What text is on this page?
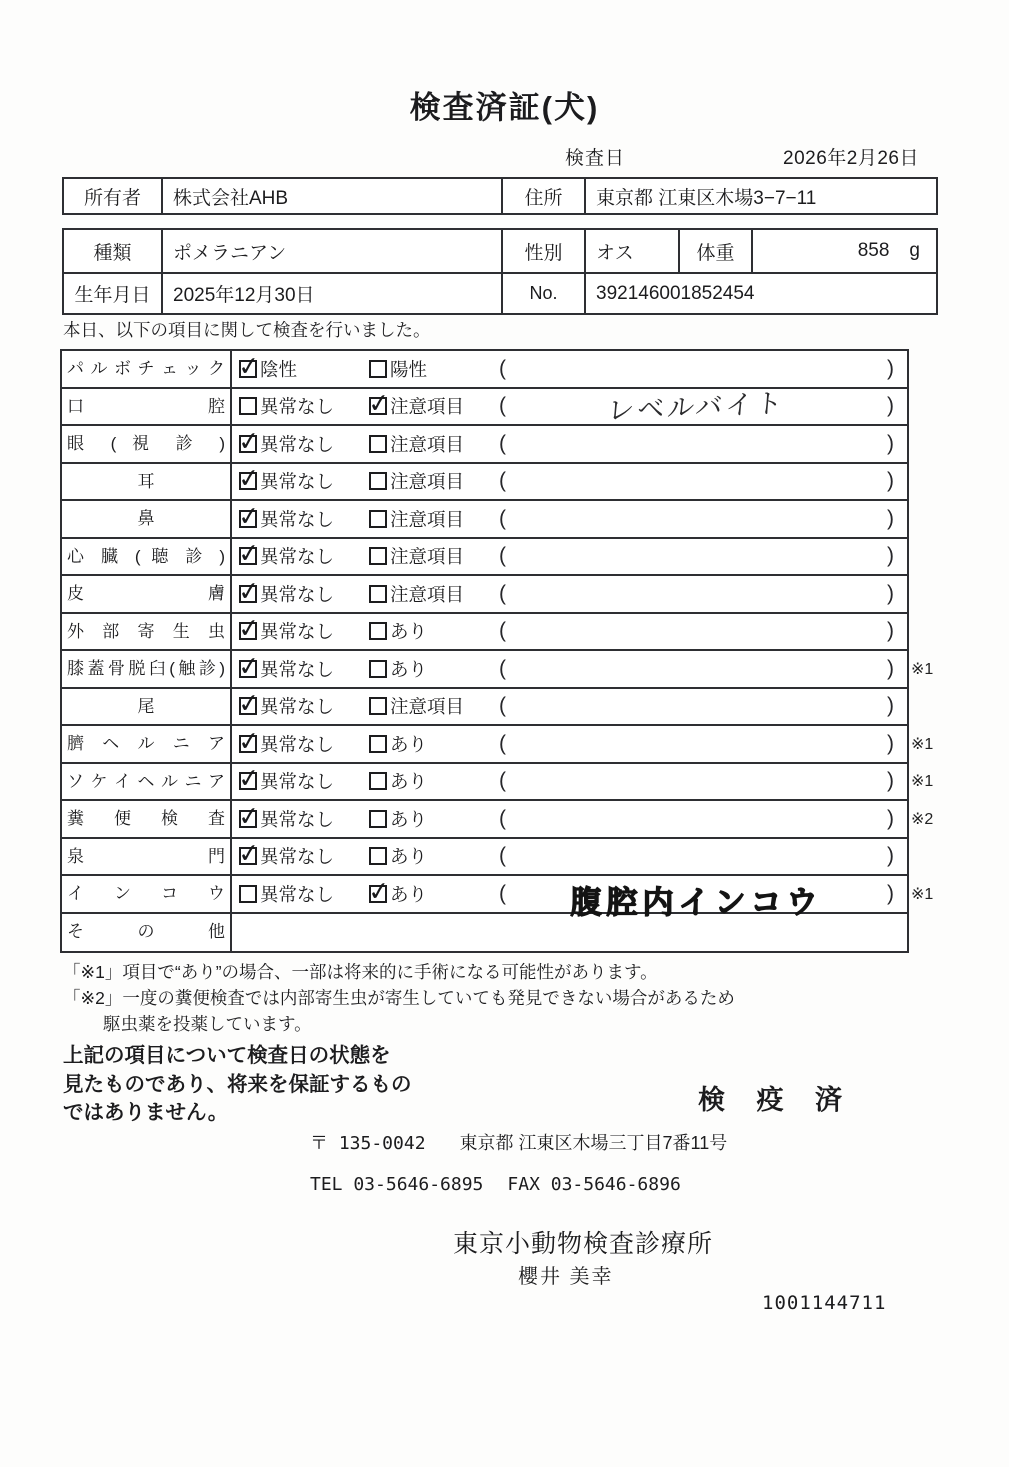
検査済証(犬)
検査日	2026年2月26日
所有者	株式会社AHB	住所	東京都 江東区木場3−7−11
種類	ポメラニアン	性別	オス	体重	858 g
生年月日	2025年12月30日	No.	392146001852454
本日、以下の項目に関して検査を行いました。
パ ル ボ チ ェ ッ ク ✓	陰性	陽性	(	)
口 腔	異常なし ✓	注意項目 (	レベルバイト	)
眼 ( 視 診 ) ✓	異常なし	注意項目 (	)
耳 ✓	異常なし	注意項目 (	)
鼻 ✓	異常なし	注意項目 (	)
心 臓 ( 聴 診 ) ✓	異常なし	注意項目 (	)
皮 膚 ✓	異常なし	注意項目 (	)
外 部 寄 生 虫 ✓	異常なし	あり	(	)
膝蓋骨脱臼(触診) ✓	異常なし	あり	(	) ※1
尾 ✓	異常なし	注意項目 (	)
臍 ヘ ル ニ ア ✓	異常なし	あり	(	) ※1
ソ ケ イ ヘ ル ニ ア ✓	異常なし	あり	(	) ※1
糞 便 検 査 ✓	異常なし	あり	(	) ※2
泉 門 ✓	異常なし	あり	(	)
イ ン コ ウ	異常なし ✓	あり	(	腹腔内インコウ	) ※1
そ の 他
「※1」項目で“あり”の場合、一部は将来的に手術になる可能性があります。
「※2」一度の糞便検査では内部寄生虫が寄生していても発見できない場合があるため
駆虫薬を投薬しています。
上記の項目について検査日の状態を
見たものであり、将来を保証するもの
ではありません。	検 疫 済
〒 135-0042 東京都 江東区木場三丁目7番11号
TEL 03-5646-6895 FAX 03-5646-6896
東京小動物検査診療所
櫻井 美幸
1001144711
